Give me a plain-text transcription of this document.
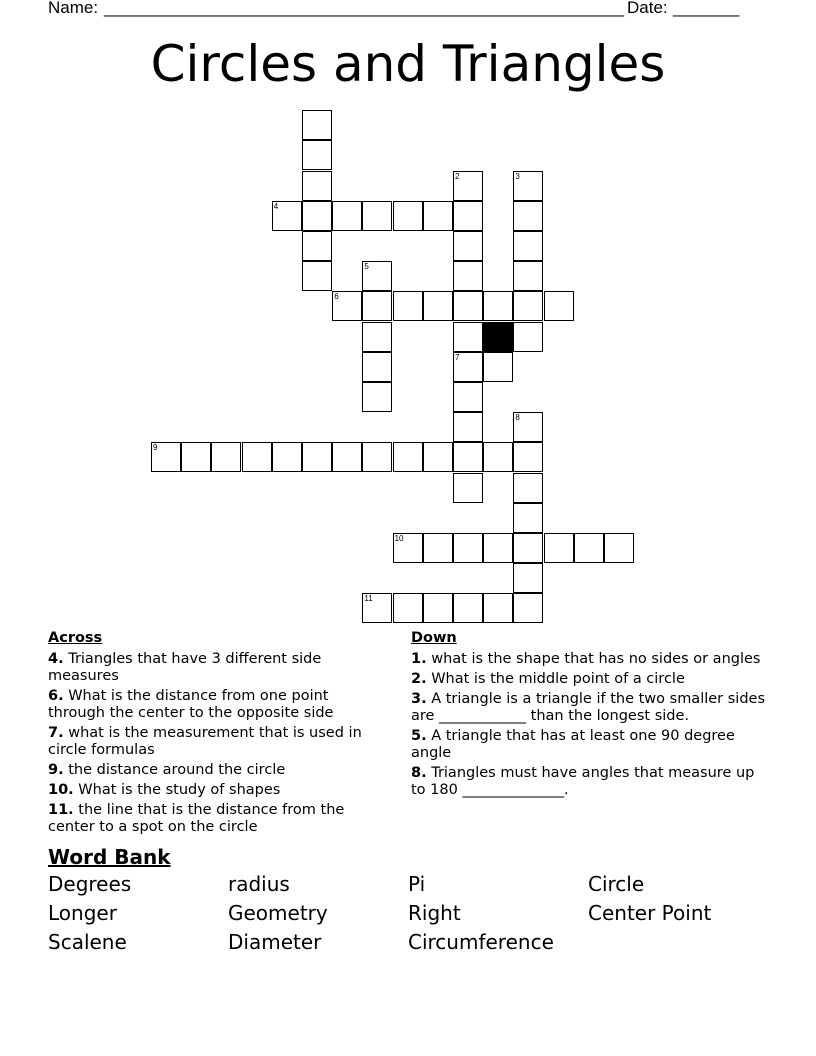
Name: _______________________________________________________ Date: _______
Circles and Triangles
2	3
4
5
6
7
8
9
10
11
Across
4. Triangles that have 3 different side measures
6. What is the distance from one point through the center to the opposite side
7. what is the measurement that is used in circle formulas
9. the distance around the circle
10. What is the study of shapes
11. the line that is the distance from the center to a spot on the circle
Down
1. what is the shape that has no sides or angles
2. What is the middle point of a circle
3. A triangle is a triangle if the two smaller sides are ____________ than the longest side.
5. A triangle that has at least one 90 degree angle
8. Triangles must have angles that measure up to 180 ______________.
Word Bank
Degrees	radius	Pi	Circle
Longer	Geometry	Right	Center Point
Scalene	Diameter	Circumference
